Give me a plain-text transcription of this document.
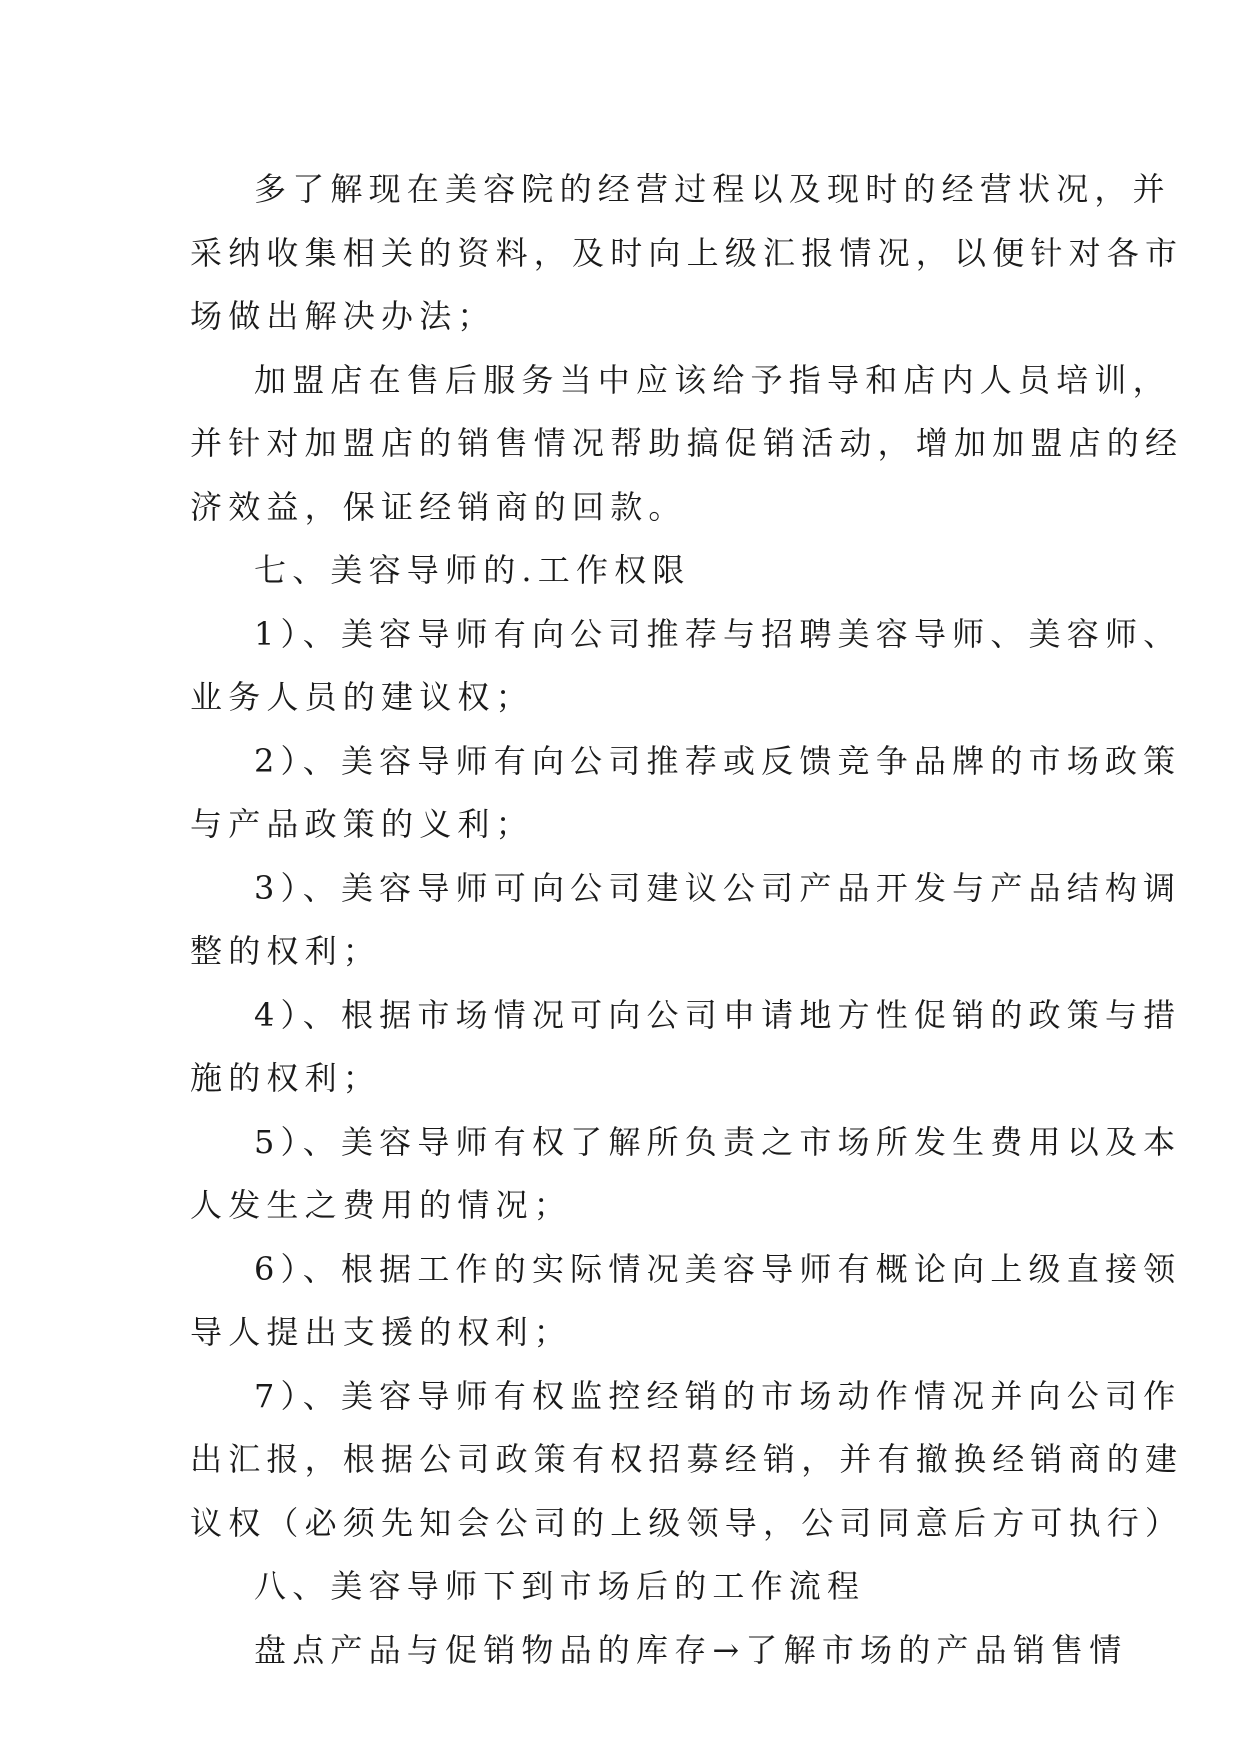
多了解现在美容院的经营过程以及现时的经营状况，并
采纳收集相关的资料，及时向上级汇报情况，以便针对各市
场做出解决办法；
加盟店在售后服务当中应该给予指导和店内人员培训，
并针对加盟店的销售情况帮助搞促销活动，增加加盟店的经
济效益，保证经销商的回款。
七、美容导师的.工作权限
1）、美容导师有向公司推荐与招聘美容导师、美容师、
业务人员的建议权；
2）、美容导师有向公司推荐或反馈竞争品牌的市场政策
与产品政策的义利；
3）、美容导师可向公司建议公司产品开发与产品结构调
整的权利；
4）、根据市场情况可向公司申请地方性促销的政策与措
施的权利；
5）、美容导师有权了解所负责之市场所发生费用以及本
人发生之费用的情况；
6）、根据工作的实际情况美容导师有概论向上级直接领
导人提出支援的权利；
7）、美容导师有权监控经销的市场动作情况并向公司作
出汇报，根据公司政策有权招募经销，并有撤换经销商的建
议权（必须先知会公司的上级领导，公司同意后方可执行）
八、美容导师下到市场后的工作流程
盘点产品与促销物品的库存→了解市场的产品销售情
